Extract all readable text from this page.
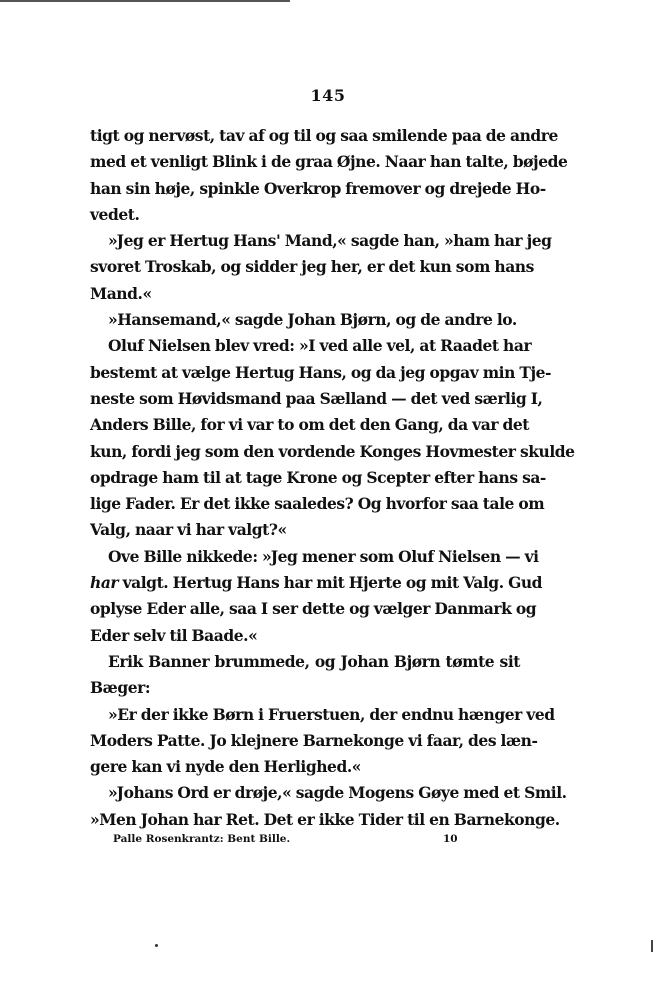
145
tigt og nervøst, tav af og til og saa smilende paa de andre
med et venligt Blink i de graa Øjne. Naar han talte, bøjede
han sin høje, spinkle Overkrop fremover og drejede Ho-
vedet.
»Jeg er Hertug Hans' Mand,« sagde han, »ham har jeg
svoret Troskab, og sidder jeg her, er det kun som hans
Mand.«
»Hansemand,« sagde Johan Bjørn, og de andre lo.
Oluf Nielsen blev vred: »I ved alle vel, at Raadet har
bestemt at vælge Hertug Hans, og da jeg opgav min Tje-
neste som Høvidsmand paa Sælland — det ved særlig I,
Anders Bille, for vi var to om det den Gang, da var det
kun, fordi jeg som den vordende Konges Hovmester skulde
opdrage ham til at tage Krone og Scepter efter hans sa-
lige Fader. Er det ikke saaledes? Og hvorfor saa tale om
Valg, naar vi har valgt?«
Ove Bille nikkede: »Jeg mener som Oluf Nielsen — vi
har valgt. Hertug Hans har mit Hjerte og mit Valg. Gud
oplyse Eder alle, saa I ser dette og vælger Danmark og
Eder selv til Baade.«
Erik Banner brummede, og Johan Bjørn tømte sit
Bæger:
»Er der ikke Børn i Fruerstuen, der endnu hænger ved
Moders Patte. Jo klejnere Barnekonge vi faar, des læn-
gere kan vi nyde den Herlighed.«
»Johans Ord er drøje,« sagde Mogens Gøye med et Smil.
»Men Johan har Ret. Det er ikke Tider til en Barnekonge.
Palle Rosenkrantz: Bent Bille.	10
